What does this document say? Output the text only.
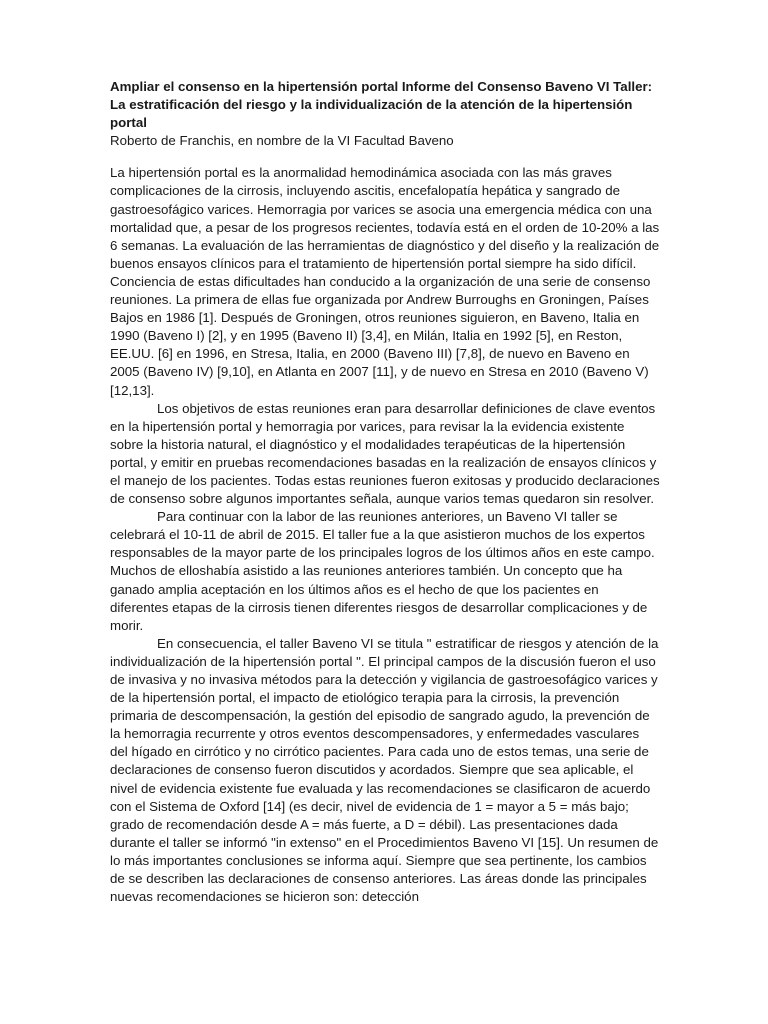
Ampliar el consenso en la hipertensión portal Informe del Consenso Baveno VI Taller: La estratificación del riesgo y la individualización de la atención de la hipertensión portal

Roberto de Franchis, en nombre de la VI Facultad Baveno

La hipertensión portal es la anormalidad hemodinámica asociada con las más graves complicaciones de la cirrosis, incluyendo ascitis, encefalopatía hepática y sangrado de gastroesofágico varices. Hemorragia por varices se asocia una emergencia médica con una mortalidad que, a pesar de los progresos recientes, todavía está en el orden de 10-20% a las 6 semanas. La evaluación de las herramientas de diagnóstico y del diseño y la realización de buenos ensayos clínicos para el tratamiento de hipertensión portal siempre ha sido difícil. Conciencia de estas dificultades han conducido a la organización de una serie de consenso reuniones. La primera de ellas fue organizada por Andrew Burroughs en Groningen, Países Bajos en 1986 [1]. Después de Groningen, otros reuniones siguieron, en Baveno, Italia en 1990 (Baveno I) [2], y en 1995 (Baveno II) [3,4], en Milán, Italia en 1992 [5], en Reston, EE.UU. [6] en 1996, en Stresa, Italia, en 2000 (Baveno III) [7,8], de nuevo en Baveno en 2005 (Baveno IV) [9,10], en Atlanta en 2007 [11], y de nuevo en Stresa en 2010 (Baveno V) [12,13].

Los objetivos de estas reuniones eran para desarrollar definiciones de clave eventos en la hipertensión portal y hemorragia por varices, para revisar la la evidencia existente sobre la historia natural, el diagnóstico y el modalidades terapéuticas de la hipertensión portal, y emitir en pruebas recomendaciones basadas en la realización de ensayos clínicos y el manejo de los pacientes. Todas estas reuniones fueron exitosas y producido declaraciones de consenso sobre algunos importantes señala, aunque varios temas quedaron sin resolver.

Para continuar con la labor de las reuniones anteriores, un Baveno VI taller se celebrará el 10-11 de abril de 2015. El taller fue a la que asistieron muchos de los expertos responsables de la mayor parte de los principales logros de los últimos años en este campo. Muchos de elloshabía asistido a las reuniones anteriores también. Un concepto que ha ganado amplia aceptación en los últimos años es el hecho de que los pacientes en diferentes etapas de la cirrosis tienen diferentes riesgos de desarrollar complicaciones y de morir.

En consecuencia, el taller Baveno VI se titula " estratificar de riesgos y atención de la individualización de la hipertensión portal ". El principal campos de la discusión fueron el uso de invasiva y no invasiva métodos para la detección y vigilancia de gastroesofágico varices y de la hipertensión portal, el impacto de etiológico terapia para la cirrosis, la prevención primaria de descompensación, la gestión del episodio de sangrado agudo, la prevención de la hemorragia recurrente y otros eventos descompensadores, y enfermedades vasculares del hígado en cirrótico y no cirrótico pacientes. Para cada uno de estos temas, una serie de declaraciones de consenso fueron discutidos y acordados. Siempre que sea aplicable, el nivel de evidencia existente fue evaluada y las recomendaciones se clasificaron de acuerdo con el Sistema de Oxford [14] (es decir, nivel de evidencia de 1 = mayor a 5 = más bajo; grado de recomendación desde A = más fuerte, a D = débil). Las presentaciones dada durante el taller se informó "in extenso" en el Procedimientos Baveno VI [15]. Un resumen de lo más importantes conclusiones se informa aquí. Siempre que sea pertinente, los cambios de se describen las declaraciones de consenso anteriores. Las áreas donde las principales nuevas recomendaciones se hicieron son: detección
